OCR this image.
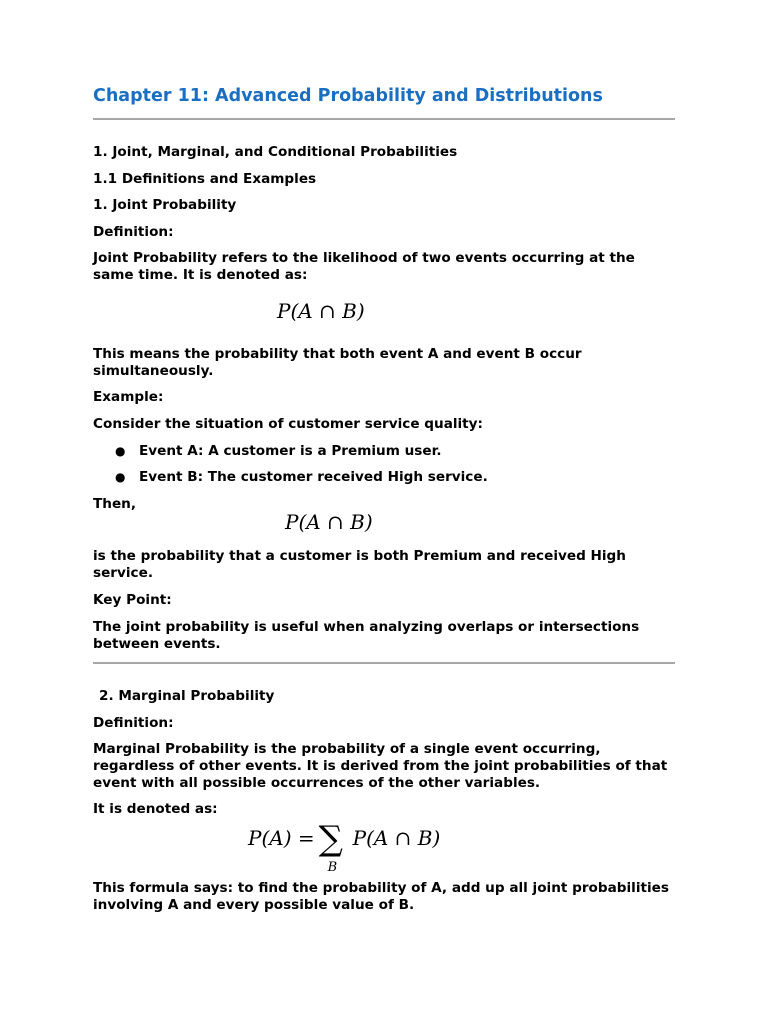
Chapter 11: Advanced Probability and Distributions
1. Joint, Marginal, and Conditional Probabilities
1.1 Definitions and Examples
1. Joint Probability
Definition:
Joint Probability refers to the likelihood of two events occurring at the same time. It is denoted as:
P(A ∩ B)
This means the probability that both event A and event B occur simultaneously.
Example:
Consider the situation of customer service quality:
● Event A: A customer is a Premium user.
● Event B: The customer received High service.
Then,
P(A ∩ B)
is the probability that a customer is both Premium and received High service.
Key Point:
The joint probability is useful when analyzing overlaps or intersections between events.
2. Marginal Probability
Definition:
Marginal Probability is the probability of a single event occurring, regardless of other events. It is derived from the joint probabilities of that event with all possible occurrences of the other variables.
It is denoted as:
P(A) = ∑
B
P(A ∩ B)
This formula says: to find the probability of A, add up all joint probabilities involving A and every possible value of B.
